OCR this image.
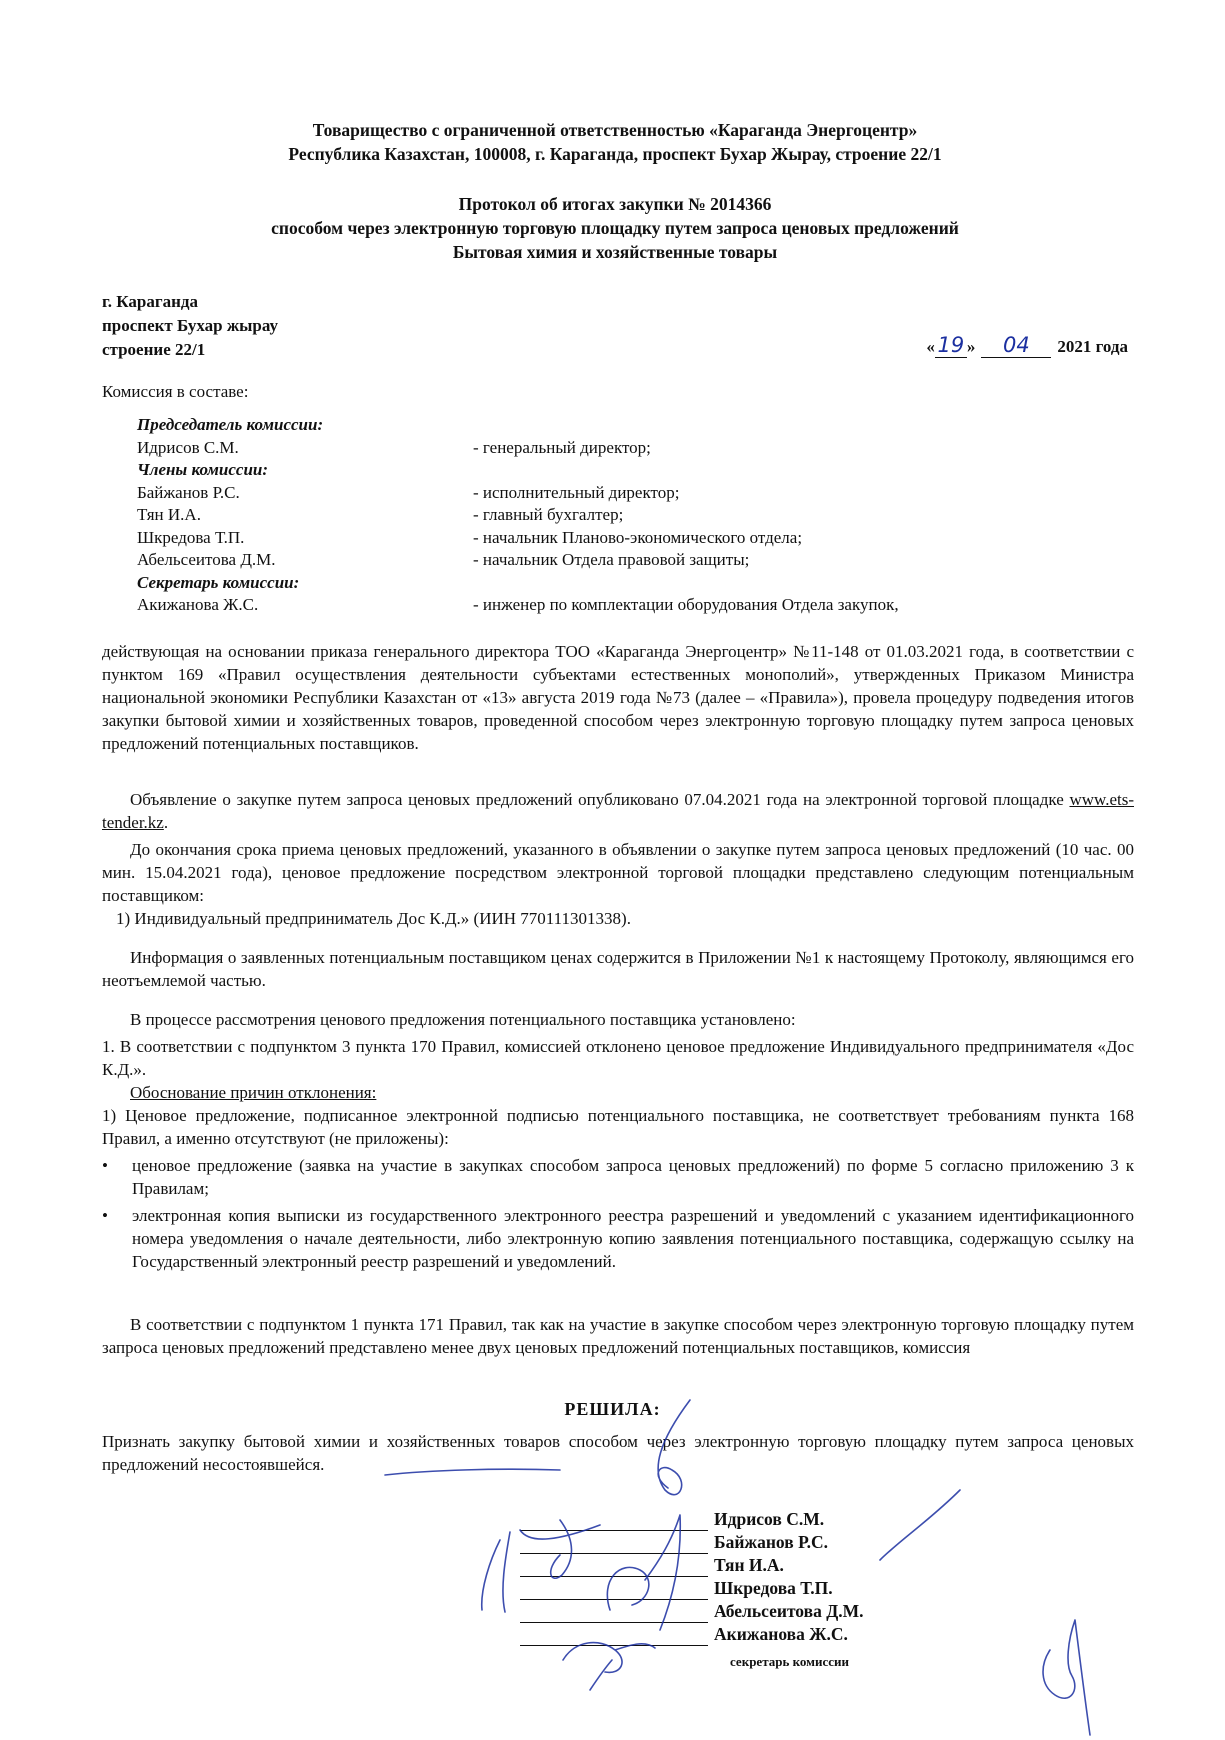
Товарищество с ограниченной ответственностью «Караганда Энергоцентр»
Республика Казахстан, 100008, г. Караганда, проспект Бухар Жырау, строение 22/1
Протокол об итогах закупки № 2014366
способом через электронную торговую площадку путем запроса ценовых предложений
Бытовая химия и хозяйственные товары
г. Караганда
проспект Бухар жырау
строение 22/1	« 19 » 04 2021 года
Комиссия в составе:
Председатель комиссии:
Идрисов С.М.	- генеральный директор;
Члены комиссии:
Байжанов Р.С.	- исполнительный директор;
Тян И.А.	- главный бухгалтер;
Шкредова Т.П.	- начальник Планово-экономического отдела;
Абельсеитова Д.М.	- начальник Отдела правовой защиты;
Секретарь комиссии:
Акижанова Ж.С.	- инженер по комплектации оборудования Отдела закупок,
действующая на основании приказа генерального директора ТОО «Караганда Энергоцентр» №11-148 от 01.03.2021 года, в соответствии с пунктом 169 «Правил осуществления деятельности субъектами естественных монополий», утвержденных Приказом Министра национальной экономики Республики Казахстан от «13» августа 2019 года №73 (далее – «Правила»), провела процедуру подведения итогов закупки бытовой химии и хозяйственных товаров, проведенной способом через электронную торговую площадку путем запроса ценовых предложений потенциальных поставщиков.
Объявление о закупке путем запроса ценовых предложений опубликовано 07.04.2021 года на электронной торговой площадке www.ets-tender.kz.
До окончания срока приема ценовых предложений, указанного в объявлении о закупке путем запроса ценовых предложений (10 час. 00 мин. 15.04.2021 года), ценовое предложение посредством электронной торговой площадки представлено следующим потенциальным поставщиком:
1) Индивидуальный предприниматель Дос К.Д.» (ИИН 770111301338).
Информация о заявленных потенциальным поставщиком ценах содержится в Приложении №1 к настоящему Протоколу, являющимся его неотъемлемой частью.
В процессе рассмотрения ценового предложения потенциального поставщика установлено:
1. В соответствии с подпунктом 3 пункта 170 Правил, комиссией отклонено ценовое предложение Индивидуального предпринимателя «Дос К.Д.».
Обоснование причин отклонения:
1) Ценовое предложение, подписанное электронной подписью потенциального поставщика, не соответствует требованиям пункта 168 Правил, а именно отсутствуют (не приложены):
•	ценовое предложение (заявка на участие в закупках способом запроса ценовых предложений) по форме 5 согласно приложению 3 к Правилам;
•	электронная копия выписки из государственного электронного реестра разрешений и уведомлений с указанием идентификационного номера уведомления о начале деятельности, либо электронную копию заявления потенциального поставщика, содержащую ссылку на Государственный электронный реестр разрешений и уведомлений.
В соответствии с подпунктом 1 пункта 171 Правил, так как на участие в закупке способом через электронную торговую площадку путем запроса ценовых предложений представлено менее двух ценовых предложений потенциальных поставщиков, комиссия
РЕШИЛА:
Признать закупку бытовой химии и хозяйственных товаров способом через электронную торговую площадку путем запроса ценовых предложений несостоявшейся.
Идрисов С.М.
Байжанов Р.С.
Тян И.А.
Шкредова Т.П.
Абельсеитова Д.М.
Акижанова Ж.С.
секретарь комиссии
